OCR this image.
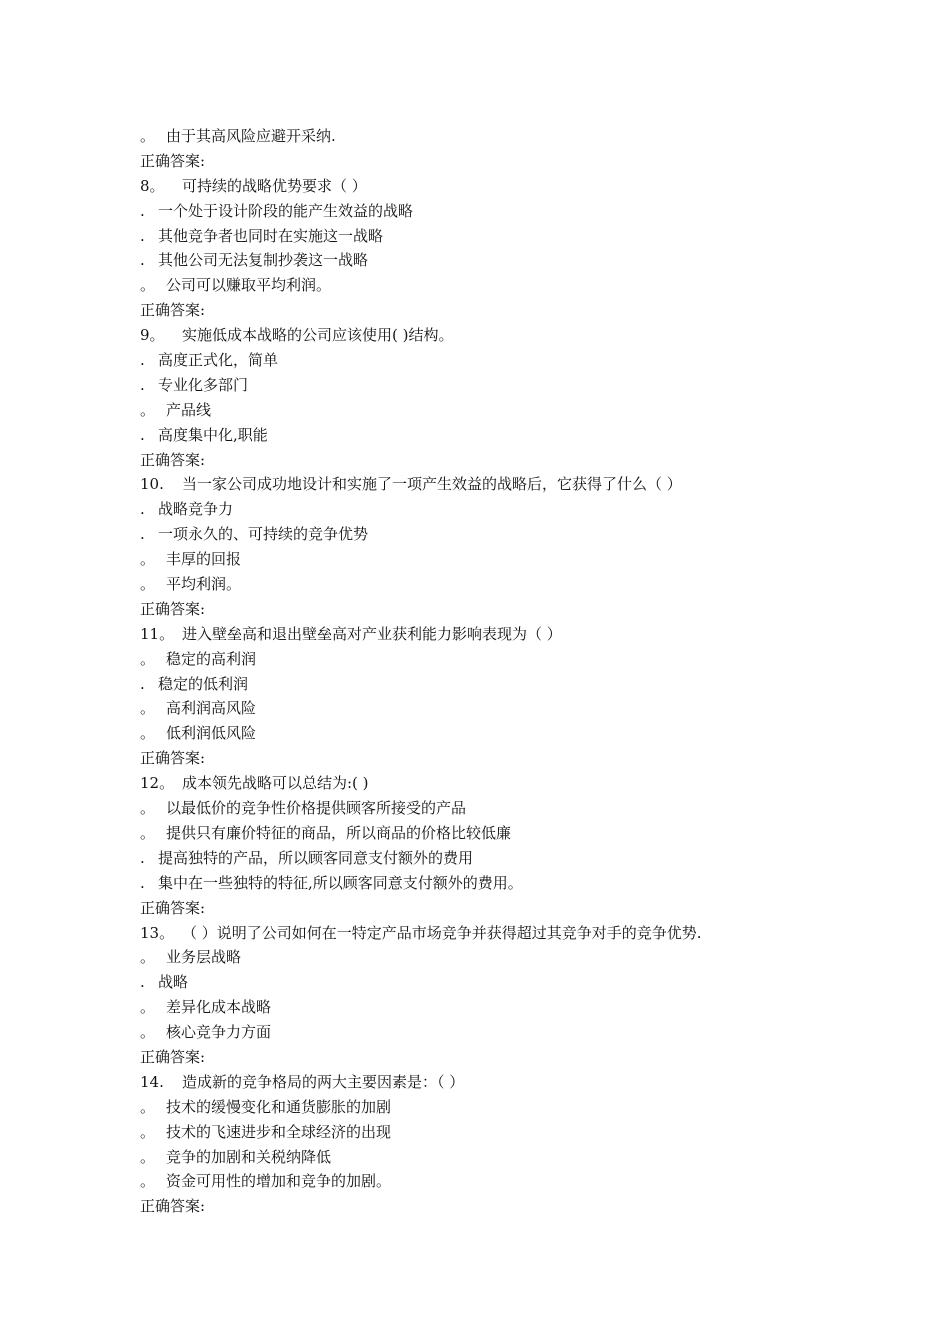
。 由于其高风险应避开采纳.
正确答案:
8。 可持续的战略优势要求（ ）
. 一个处于设计阶段的能产生效益的战略
. 其他竞争者也同时在实施这一战略
. 其他公司无法复制抄袭这一战略
。 公司可以赚取平均利润。
正确答案:
9。 实施低成本战略的公司应该使用( )结构。
. 高度正式化，简单
. 专业化多部门
。 产品线
. 高度集中化,职能
正确答案:
10. 当一家公司成功地设计和实施了一项产生效益的战略后，它获得了什么（ ）
. 战略竞争力
. 一项永久的、可持续的竞争优势
。 丰厚的回报
。 平均利润。
正确答案:
11。 进入壁垒高和退出壁垒高对产业获利能力影响表现为（ ）
。 稳定的高利润
. 稳定的低利润
。 高利润高风险
。 低利润低风险
正确答案:
12。 成本领先战略可以总结为:( )
。 以最低价的竞争性价格提供顾客所接受的产品
。 提供只有廉价特征的商品，所以商品的价格比较低廉
. 提高独特的产品，所以顾客同意支付额外的费用
. 集中在一些独特的特征,所以顾客同意支付额外的费用。
正确答案:
13。 （ ）说明了公司如何在一特定产品市场竞争并获得超过其竞争对手的竞争优势.
。 业务层战略
. 战略
。 差异化成本战略
。 核心竞争力方面
正确答案:
14. 造成新的竞争格局的两大主要因素是：（ ）
。 技术的缓慢变化和通货膨胀的加剧
。 技术的飞速进步和全球经济的出现
。 竞争的加剧和关税纳降低
。 资金可用性的增加和竞争的加剧。
正确答案:
